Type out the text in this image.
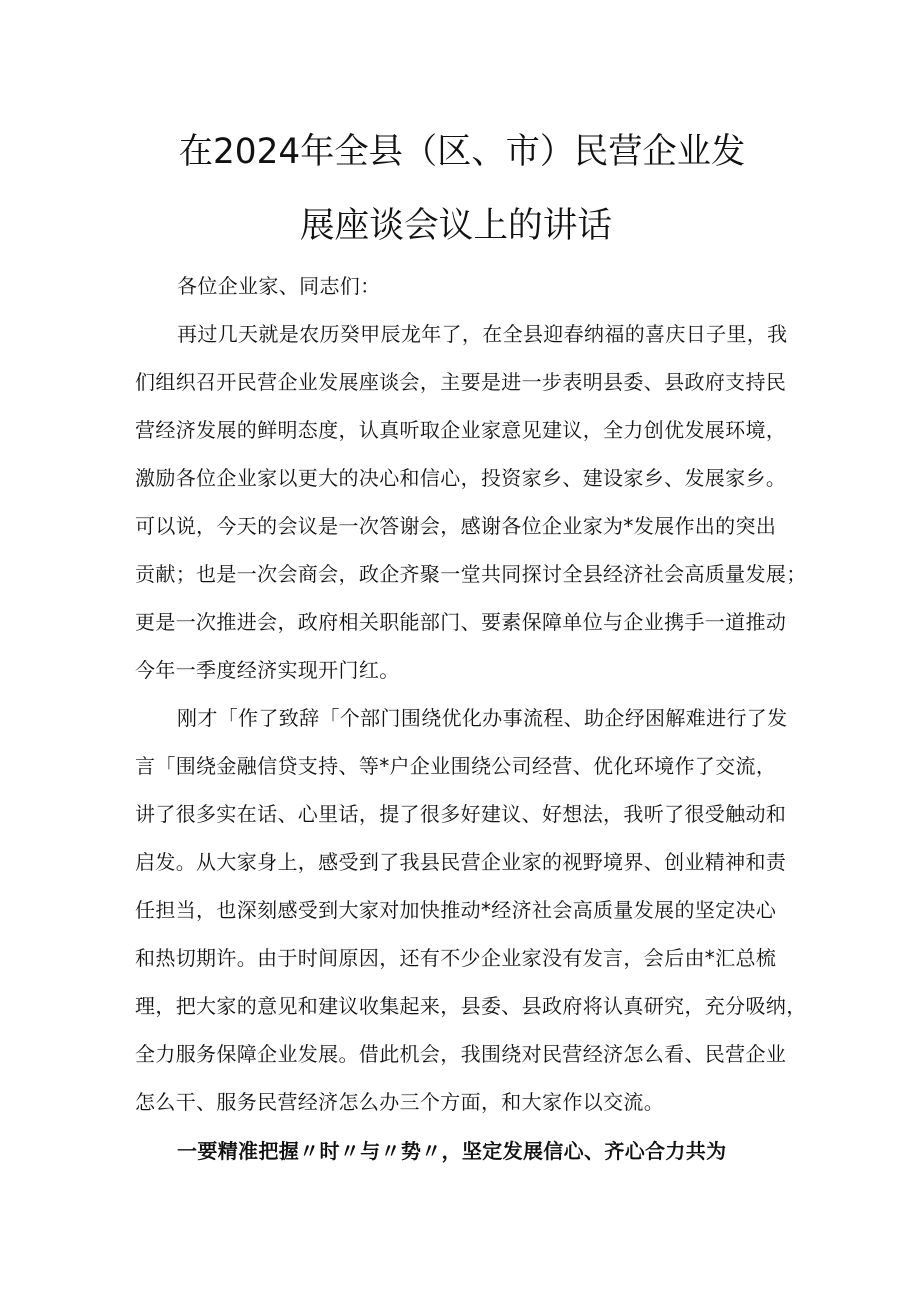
在2024年全县（区、市）民营企业发
展座谈会议上的讲话

各位企业家、同志们：

再过几天就是农历癸甲辰龙年了，在全县迎春纳福的喜庆日子里，我

们组织召开民营企业发展座谈会，主要是进一步表明县委、县政府支持民

营经济发展的鲜明态度，认真听取企业家意见建议，全力创优发展环境，

激励各位企业家以更大的决心和信心，投资家乡、建设家乡、发展家乡。

可以说，今天的会议是一次答谢会，感谢各位企业家为*发展作出的突出

贡献；也是一次会商会，政企齐聚一堂共同探讨全县经济社会高质量发展；

更是一次推进会，政府相关职能部门、要素保障单位与企业携手一道推动

今年一季度经济实现开门红。

刚才「作了致辞「个部门围绕优化办事流程、助企纾困解难进行了发

言「围绕金融信贷支持、等*户企业围绕公司经营、优化环境作了交流，

讲了很多实在话、心里话，提了很多好建议、好想法，我听了很受触动和

启发。从大家身上，感受到了我县民营企业家的视野境界、创业精神和责

任担当，也深刻感受到大家对加快推动*经济社会高质量发展的坚定决心

和热切期许。由于时间原因，还有不少企业家没有发言，会后由*汇总梳

理，把大家的意见和建议收集起来，县委、县政府将认真研究，充分吸纳，

全力服务保障企业发展。借此机会，我围绕对民营经济怎么看、民营企业

怎么干、服务民营经济怎么办三个方面，和大家作以交流。

一要精准把握〃时〃与〃势〃，坚定发展信心、齐心合力共为
